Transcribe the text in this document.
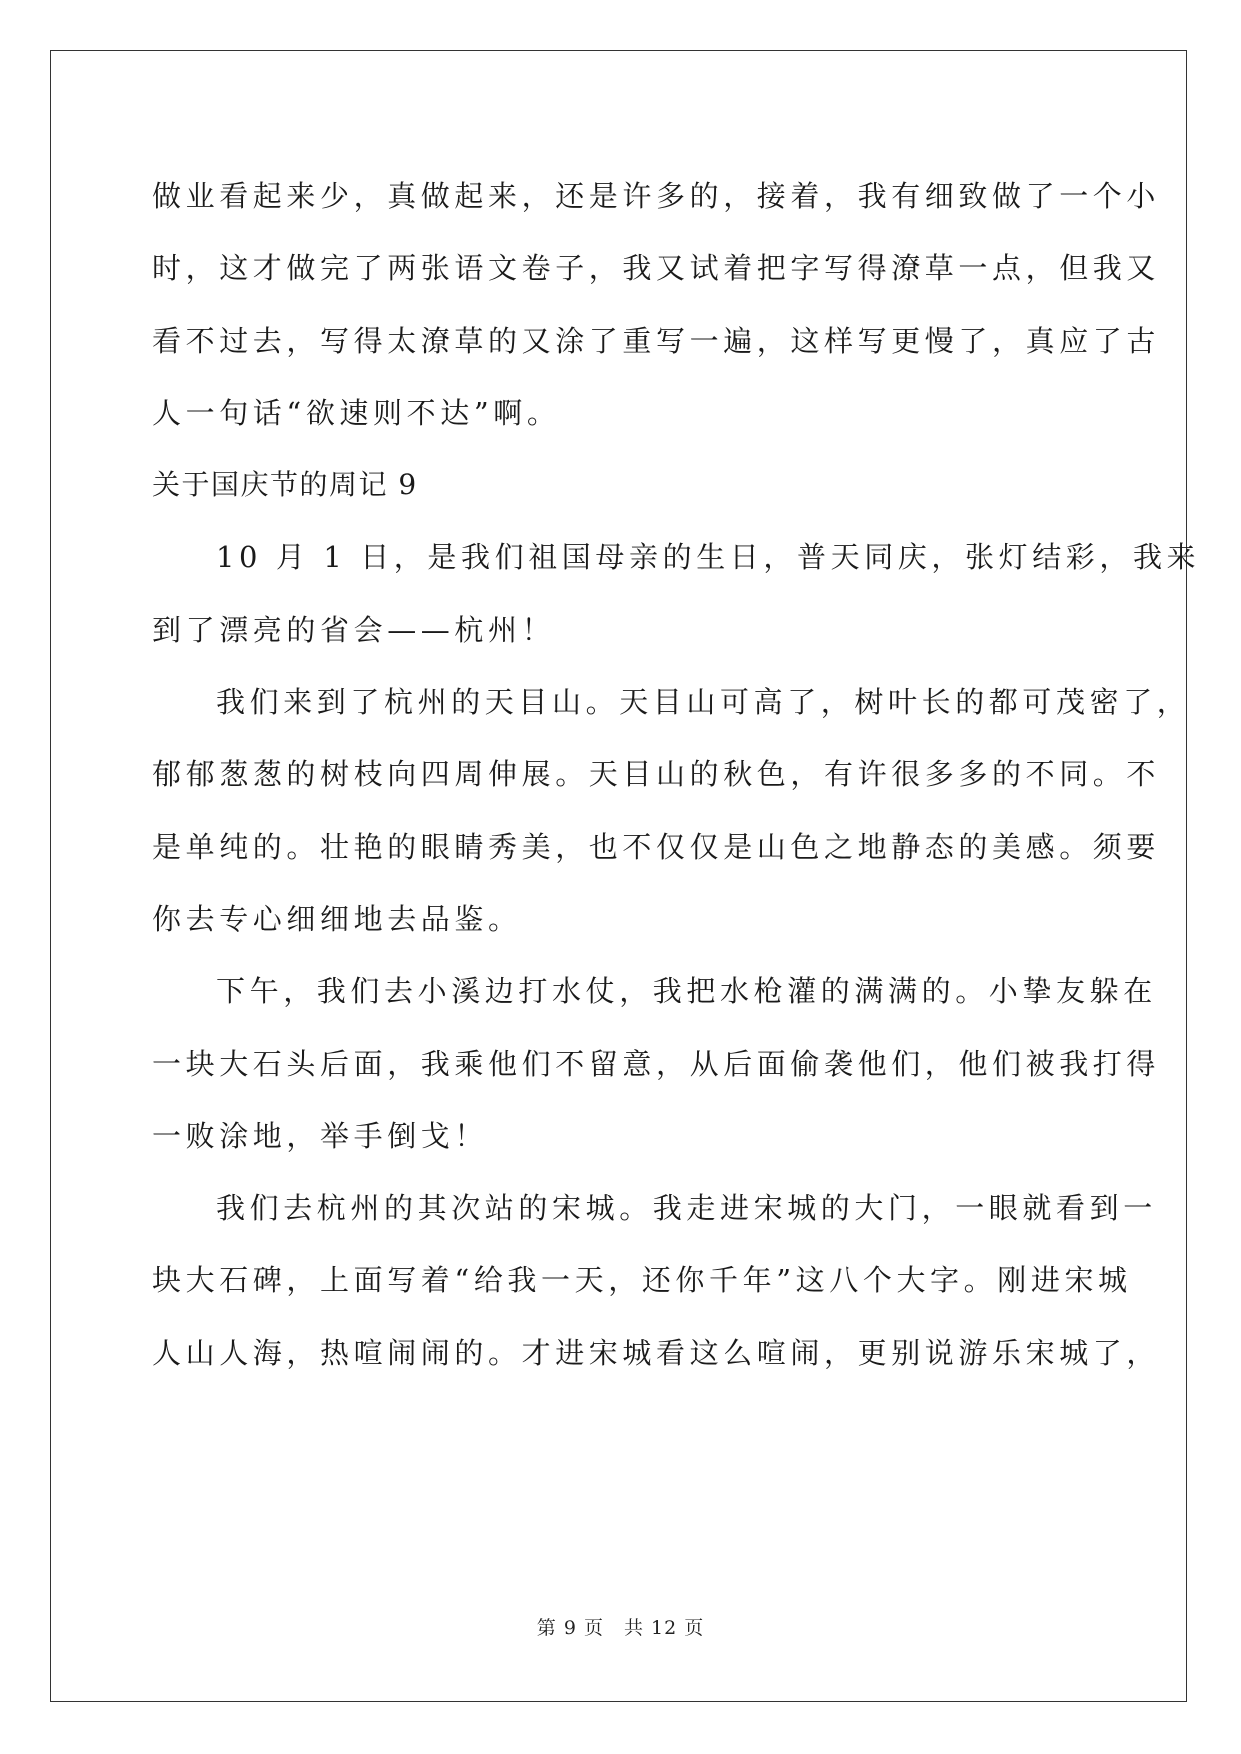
做业看起来少，真做起来，还是许多的，接着，我有细致做了一个小
时，这才做完了两张语文卷子，我又试着把字写得潦草一点，但我又
看不过去，写得太潦草的又涂了重写一遍，这样写更慢了，真应了古
人一句话“欲速则不达”啊。
关于国庆节的周记 9
10 月 1 日，是我们祖国母亲的生日，普天同庆，张灯结彩，我来
到了漂亮的省会——杭州！
我们来到了杭州的天目山。天目山可高了，树叶长的都可茂密了，
郁郁葱葱的树枝向四周伸展。天目山的秋色，有许很多多的不同。不
是单纯的。壮艳的眼睛秀美，也不仅仅是山色之地静态的美感。须要
你去专心细细地去品鉴。
下午，我们去小溪边打水仗，我把水枪灌的满满的。小挚友躲在
一块大石头后面，我乘他们不留意，从后面偷袭他们，他们被我打得
一败涂地，举手倒戈！
我们去杭州的其次站的宋城。我走进宋城的大门，一眼就看到一
块大石碑，上面写着“给我一天，还你千年”这八个大字。刚进宋城
人山人海，热喧闹闹的。才进宋城看这么喧闹，更别说游乐宋城了，
第 9 页　共 12 页
